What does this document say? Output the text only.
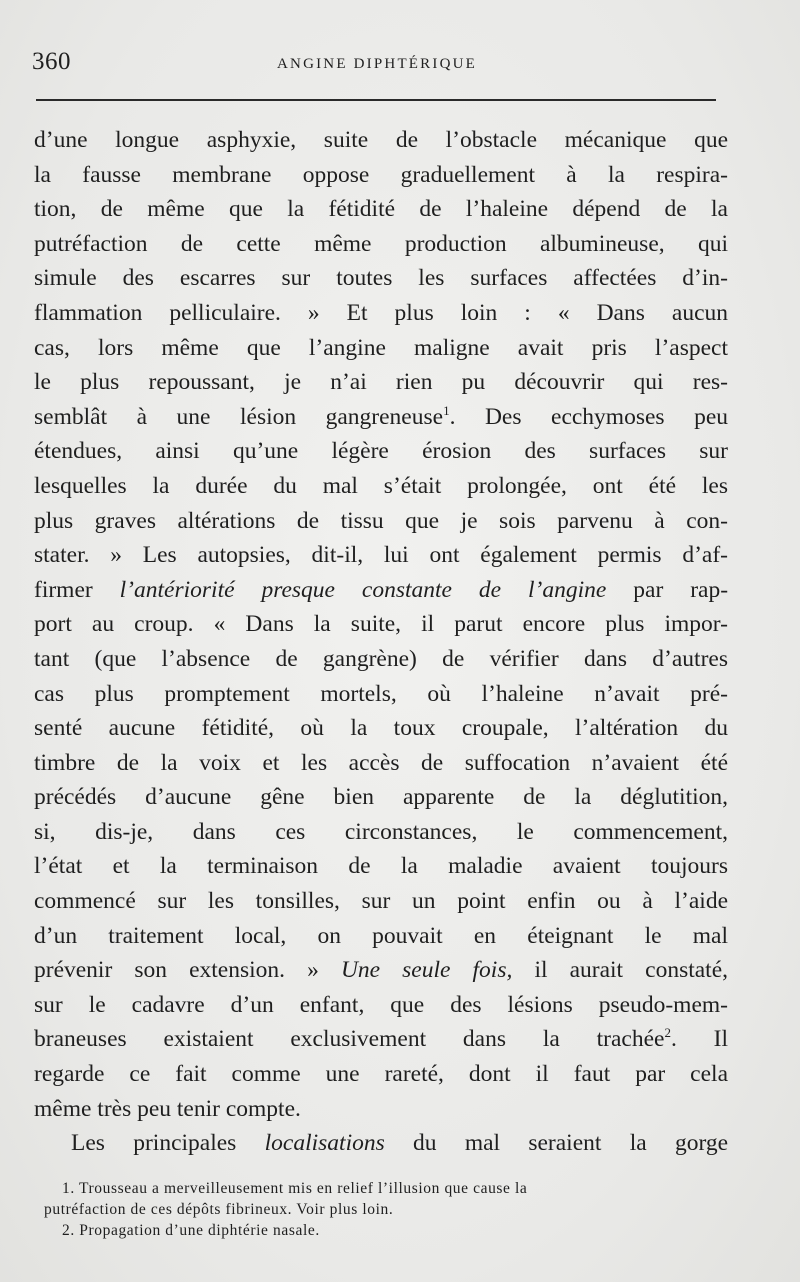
360	ANGINE DIPHTÉRIQUE
d’une longue asphyxie, suite de l’obstacle mécanique que
la fausse membrane oppose graduellement à la respira-
tion, de même que la fétidité de l’haleine dépend de la
putréfaction de cette même production albumineuse, qui
simule des escarres sur toutes les surfaces affectées d’in-
flammation pelliculaire. » Et plus loin : « Dans aucun
cas, lors même que l’angine maligne avait pris l’aspect
le plus repoussant, je n’ai rien pu découvrir qui res-
semblât à une lésion gangreneuse$^1$. Des ecchymoses peu
étendues, ainsi qu’une légère érosion des surfaces sur
lesquelles la durée du mal s’était prolongée, ont été les
plus graves altérations de tissu que je sois parvenu à con-
stater. » Les autopsies, dit-il, lui ont également permis d’af-
firmer l’antériorité presque constante de l’angine par rap-
port au croup. « Dans la suite, il parut encore plus impor-
tant (que l’absence de gangrène) de vérifier dans d’autres
cas plus promptement mortels, où l’haleine n’avait pré-
senté aucune fétidité, où la toux croupale, l’altération du
timbre de la voix et les accès de suffocation n’avaient été
précédés d’aucune gêne bien apparente de la déglutition,
si, dis-je, dans ces circonstances, le commencement,
l’état et la terminaison de la maladie avaient toujours
commencé sur les tonsilles, sur un point enfin ou à l’aide
d’un traitement local, on pouvait en éteignant le mal
prévenir son extension. » Une seule fois, il aurait constaté,
sur le cadavre d’un enfant, que des lésions pseudo-mem-
braneuses existaient exclusivement dans la trachée$^2$. Il
regarde ce fait comme une rareté, dont il faut par cela
même très peu tenir compte.
Les principales localisations du mal seraient la gorge
1. Trousseau a merveilleusement mis en relief l’illusion que cause la
putréfaction de ces dépôts fibrineux. Voir plus loin.
2. Propagation d’une diphtérie nasale.
